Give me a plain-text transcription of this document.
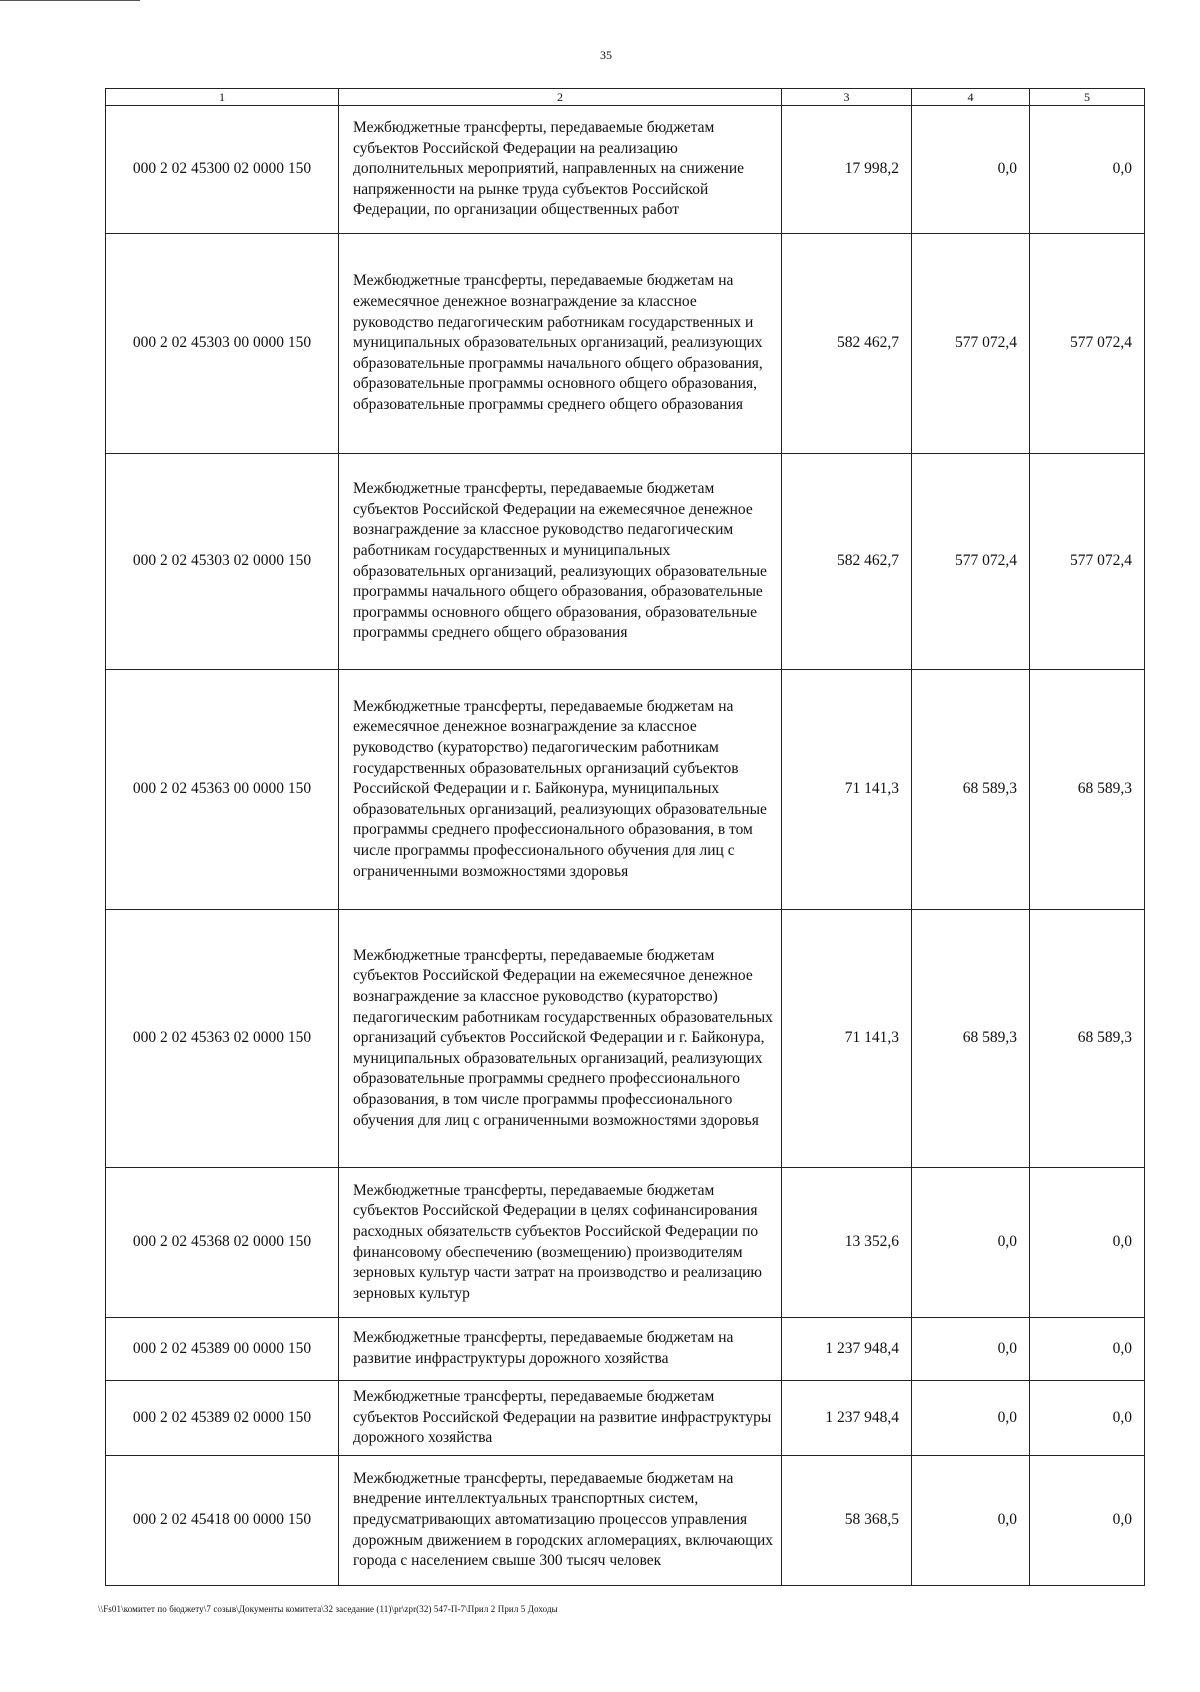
35
1	2	3	4	5
000 2 02 45300 02 0000 150	Межбюджетные трансферты, передаваемые бюджетам субъектов Российской Федерации на реализацию дополнительных мероприятий, направленных на снижение напряженности на рынке труда субъектов Российской Федерации, по организации общественных работ	17 998,2	0,0	0,0
000 2 02 45303 00 0000 150	Межбюджетные трансферты, передаваемые бюджетам на ежемесячное денежное вознаграждение за классное руководство педагогическим работникам государственных и муниципальных образовательных организаций, реализующих образовательные программы начального общего образования, образовательные программы основного общего образования, образовательные программы среднего общего образования	582 462,7	577 072,4	577 072,4
000 2 02 45303 02 0000 150	Межбюджетные трансферты, передаваемые бюджетам субъектов Российской Федерации на ежемесячное денежное вознаграждение за классное руководство педагогическим работникам государственных и муниципальных образовательных организаций, реализующих образовательные программы начального общего образования, образовательные программы основного общего образования, образовательные программы среднего общего образования	582 462,7	577 072,4	577 072,4
000 2 02 45363 00 0000 150	Межбюджетные трансферты, передаваемые бюджетам на ежемесячное денежное вознаграждение за классное руководство (кураторство) педагогическим работникам государственных образовательных организаций субъектов Российской Федерации и г. Байконура, муниципальных образовательных организаций, реализующих образовательные программы среднего профессионального образования, в том числе программы профессионального обучения для лиц с ограниченными возможностями здоровья	71 141,3	68 589,3	68 589,3
000 2 02 45363 02 0000 150	Межбюджетные трансферты, передаваемые бюджетам субъектов Российской Федерации на ежемесячное денежное вознаграждение за классное руководство (кураторство) педагогическим работникам государственных образовательных организаций субъектов Российской Федерации и г. Байконура, муниципальных образовательных организаций, реализующих образовательные программы среднего профессионального образования, в том числе программы профессионального обучения для лиц с ограниченными возможностями здоровья	71 141,3	68 589,3	68 589,3
000 2 02 45368 02 0000 150	Межбюджетные трансферты, передаваемые бюджетам субъектов Российской Федерации в целях софинансирования расходных обязательств субъектов Российской Федерации по финансовому обеспечению (возмещению) производителям зерновых культур части затрат на производство и реализацию зерновых культур	13 352,6	0,0	0,0
000 2 02 45389 00 0000 150	Межбюджетные трансферты, передаваемые бюджетам на развитие инфраструктуры дорожного хозяйства	1 237 948,4	0,0	0,0
000 2 02 45389 02 0000 150	Межбюджетные трансферты, передаваемые бюджетам субъектов Российской Федерации на развитие инфраструктуры дорожного хозяйства	1 237 948,4	0,0	0,0
000 2 02 45418 00 0000 150	Межбюджетные трансферты, передаваемые бюджетам на внедрение интеллектуальных транспортных систем, предусматривающих автоматизацию процессов управления дорожным движением в городских агломерациях, включающих города с населением свыше 300 тысяч человек	58 368,5	0,0	0,0
\\Fs01\комитет по бюджету\7 созыв\Документы комитета\32 заседание (11)\pr\zpr(32) 547-П-7\Прил 2 Прил 5 Доходы
